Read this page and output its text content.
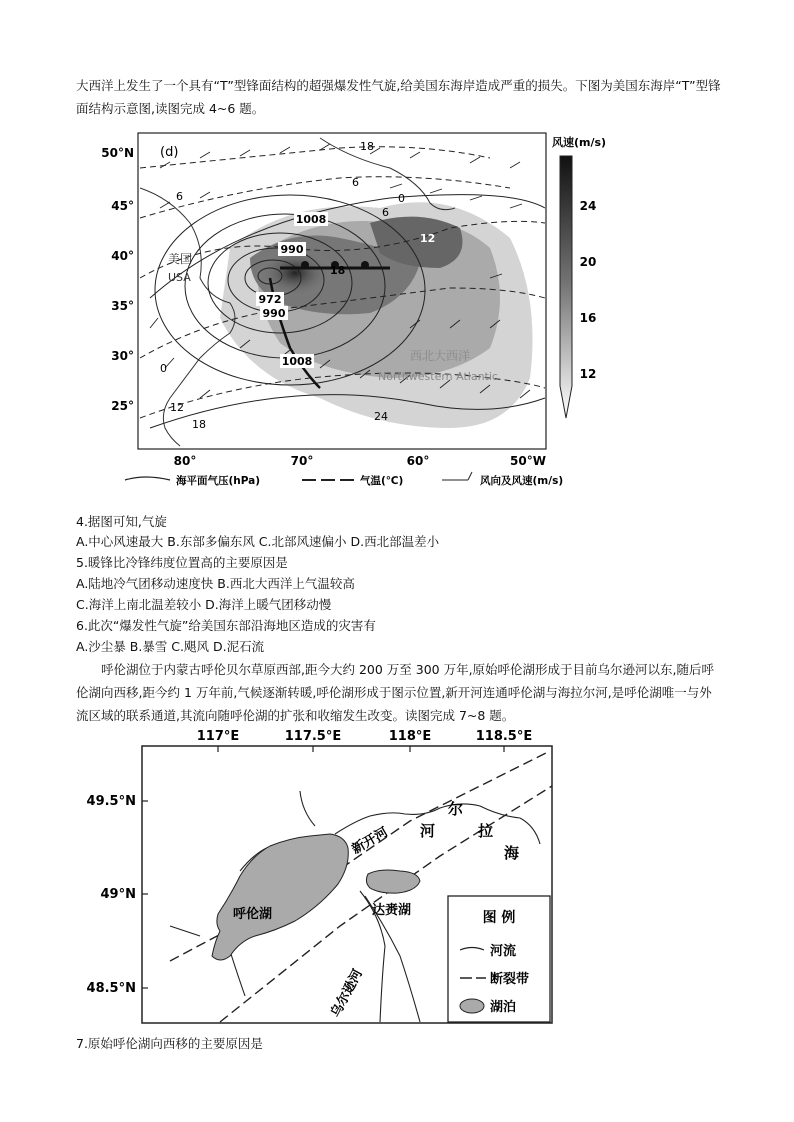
大西洋上发生了一个具有“T”型锋面结构的超强爆发性气旋,给美国东海岸造成严重的损失。下图为美国东海岸“T”型锋面结构示意图,读图完成 4~6 题。
50°N
45°
40°
35°
30°
25°
80°	70°	60°	50°W
(d)
美国
USA
西北大西洋
Northwestern Atlantic
1008
990
972
990
1008
18
6
0
6
12
18
6
12
18
24
0
风速(m/s)
24
20
16
12
海平面气压(hPa)	气温(℃)	风向及风速(m/s)
4.据图可知,气旋
A.中心风速最大 B.东部多偏东风 C.北部风速偏小 D.西北部温差小
5.暖锋比冷锋纬度位置高的主要原因是
A.陆地冷气团移动速度快 B.西北大西洋上气温较高
C.海洋上南北温差较小 D.海洋上暖气团移动慢
6.此次“爆发性气旋”给美国东部沿海地区造成的灾害有
A.沙尘暴 B.暴雪 C.飓风 D.泥石流
呼伦湖位于内蒙古呼伦贝尔草原西部,距今大约 200 万至 300 万年,原始呼伦湖形成于目前乌尔逊河以东,随后呼伦湖向西移,距今约 1 万年前,气候逐渐转暖,呼伦湖形成于图示位置,新开河连通呼伦湖与海拉尔河,是呼伦湖唯一与外流区域的联系通道,其流向随呼伦湖的扩张和收缩发生改变。读图完成 7~8 题。
117°E	117.5°E	118°E	118.5°E
49.5°N
49°N
48.5°N
呼伦湖	达赉湖
新开河 河
尔
拉
海
乌尔逊河
图 例
河流
断裂带
湖泊
7.原始呼伦湖向西移的主要原因是
